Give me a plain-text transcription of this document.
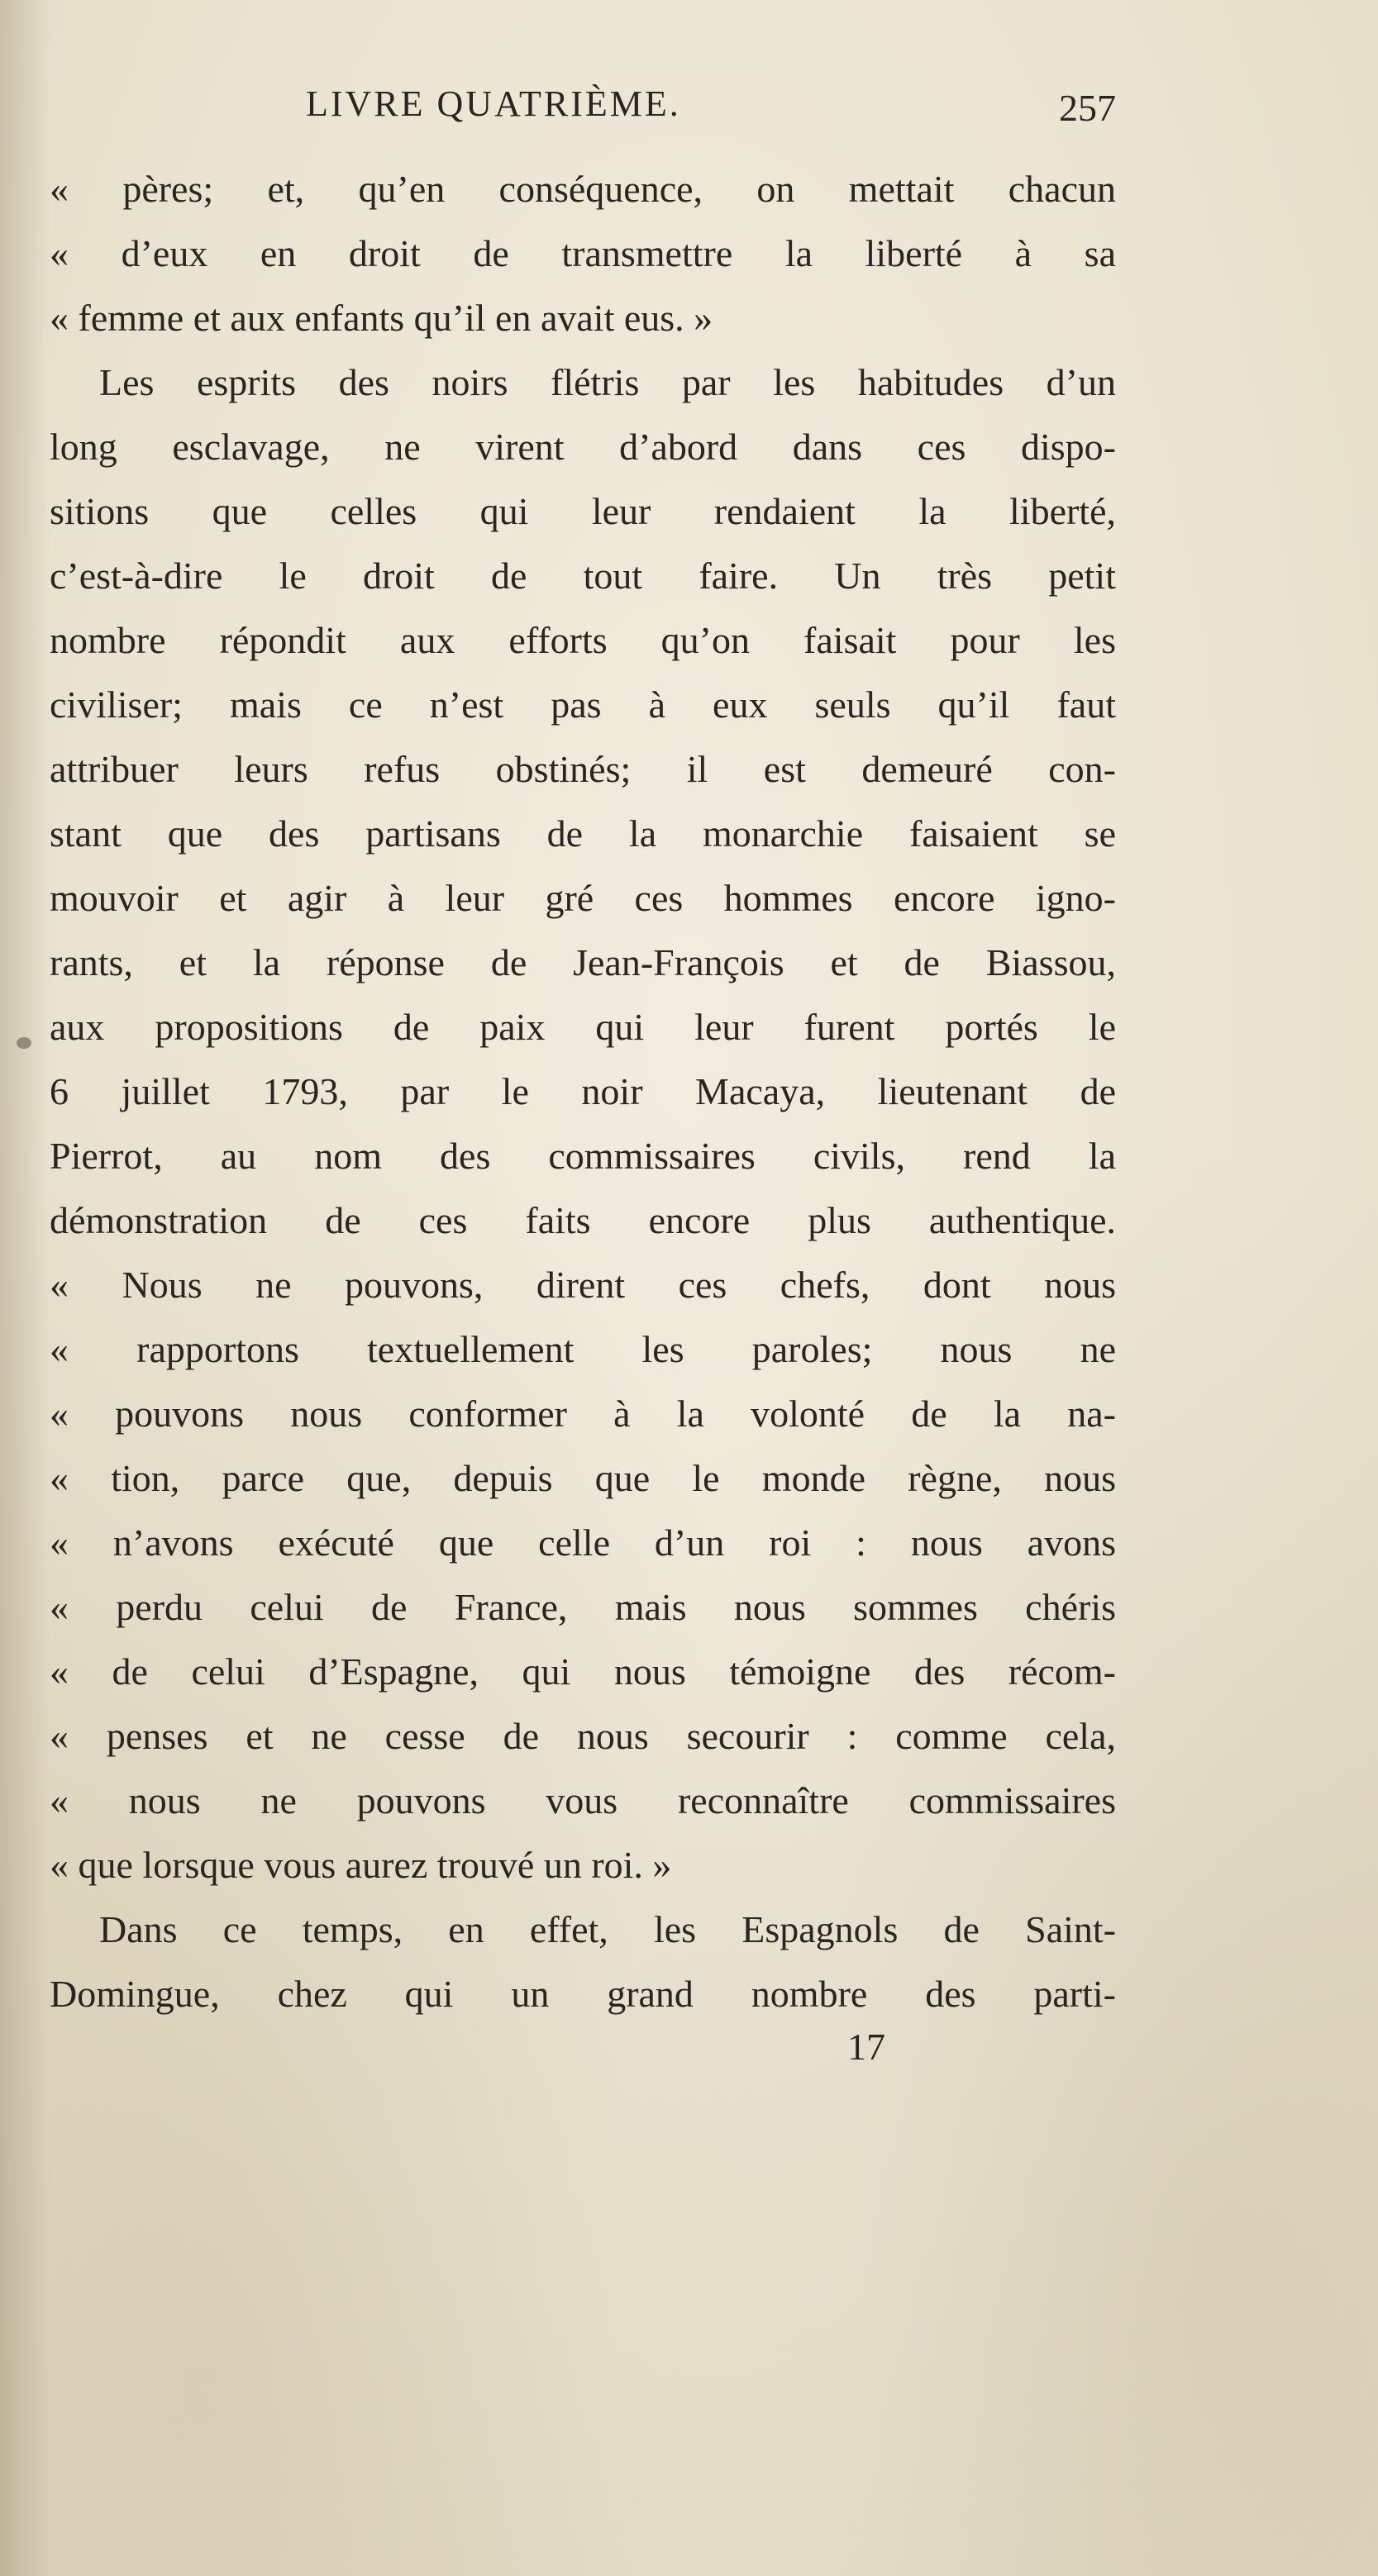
LIVRE QUATRIÈME.	257
« pères; et, qu’en conséquence, on mettait chacun
« d’eux en droit de transmettre la liberté à sa
« femme et aux enfants qu’il en avait eus. »
Les esprits des noirs flétris par les habitudes d’un
long esclavage, ne virent d’abord dans ces dispo-
sitions que celles qui leur rendaient la liberté,
c’est-à-dire le droit de tout faire. Un très petit
nombre répondit aux efforts qu’on faisait pour les
civiliser; mais ce n’est pas à eux seuls qu’il faut
attribuer leurs refus obstinés; il est demeuré con-
stant que des partisans de la monarchie faisaient se
mouvoir et agir à leur gré ces hommes encore igno-
rants, et la réponse de Jean-François et de Biassou,
aux propositions de paix qui leur furent portés le
6 juillet 1793, par le noir Macaya, lieutenant de
Pierrot, au nom des commissaires civils, rend la
démonstration de ces faits encore plus authentique.
« Nous ne pouvons, dirent ces chefs, dont nous
« rapportons textuellement les paroles; nous ne
« pouvons nous conformer à la volonté de la na-
« tion, parce que, depuis que le monde règne, nous
« n’avons exécuté que celle d’un roi : nous avons
« perdu celui de France, mais nous sommes chéris
« de celui d’Espagne, qui nous témoigne des récom-
« penses et ne cesse de nous secourir : comme cela,
« nous ne pouvons vous reconnaître commissaires
« que lorsque vous aurez trouvé un roi. »
Dans ce temps, en effet, les Espagnols de Saint-
Domingue, chez qui un grand nombre des parti-
17
